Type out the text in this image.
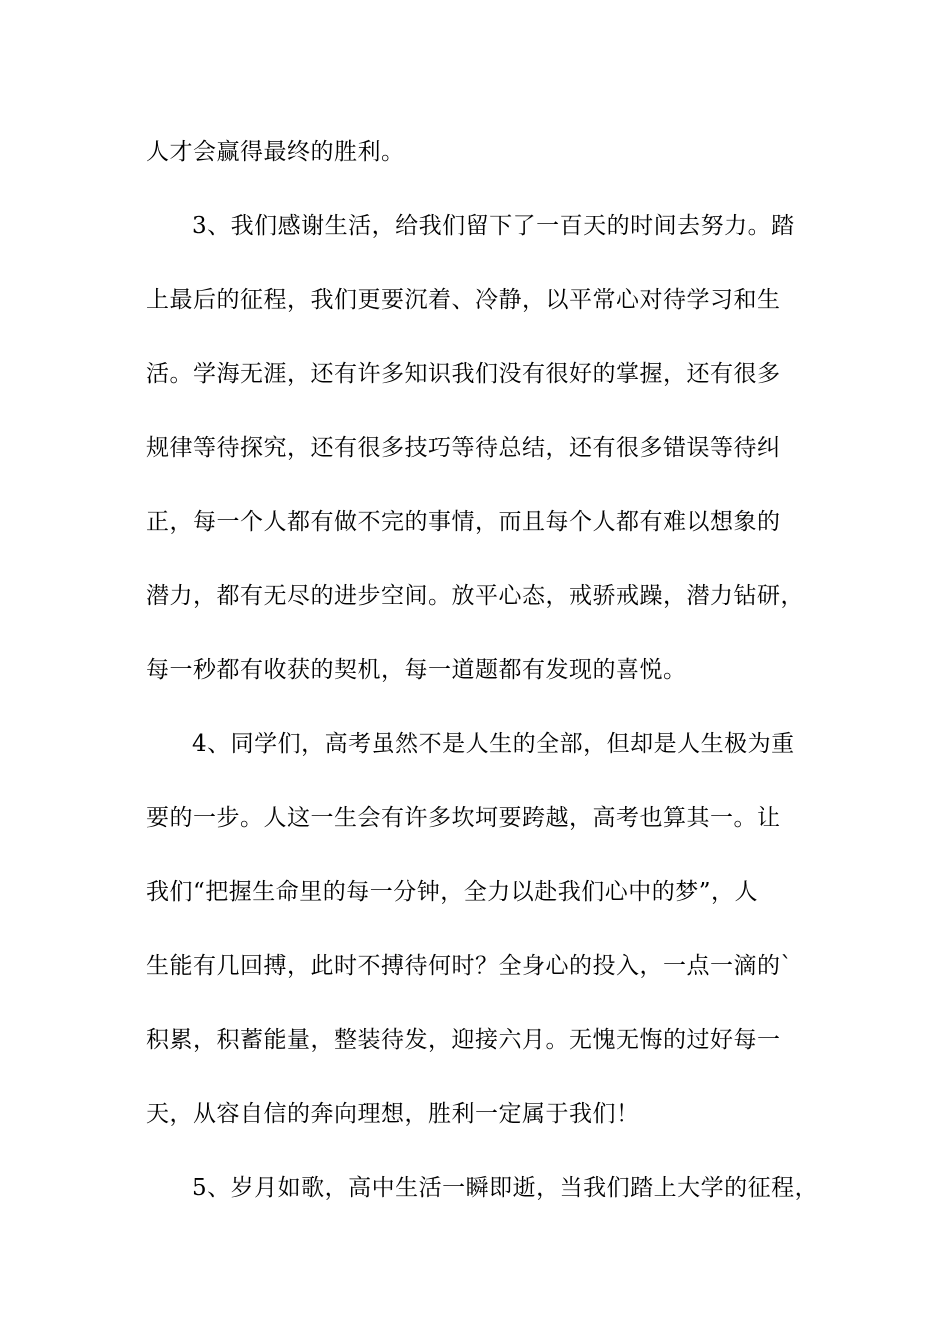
人才会赢得最终的胜利。
3、我们感谢生活，给我们留下了一百天的时间去努力。踏
上最后的征程，我们更要沉着、冷静，以平常心对待学习和生
活。学海无涯，还有许多知识我们没有很好的掌握，还有很多
规律等待探究，还有很多技巧等待总结，还有很多错误等待纠
正，每一个人都有做不完的事情，而且每个人都有难以想象的
潜力，都有无尽的进步空间。放平心态，戒骄戒躁，潜力钻研，
每一秒都有收获的契机，每一道题都有发现的喜悦。
4、同学们，高考虽然不是人生的全部，但却是人生极为重
要的一步。人这一生会有许多坎坷要跨越，高考也算其一。让
我们“把握生命里的每一分钟，全力以赴我们心中的梦”，人
生能有几回搏，此时不搏待何时？全身心的投入，一点一滴的`
积累，积蓄能量，整装待发，迎接六月。无愧无悔的过好每一
天，从容自信的奔向理想，胜利一定属于我们！
5、岁月如歌，高中生活一瞬即逝，当我们踏上大学的征程，
